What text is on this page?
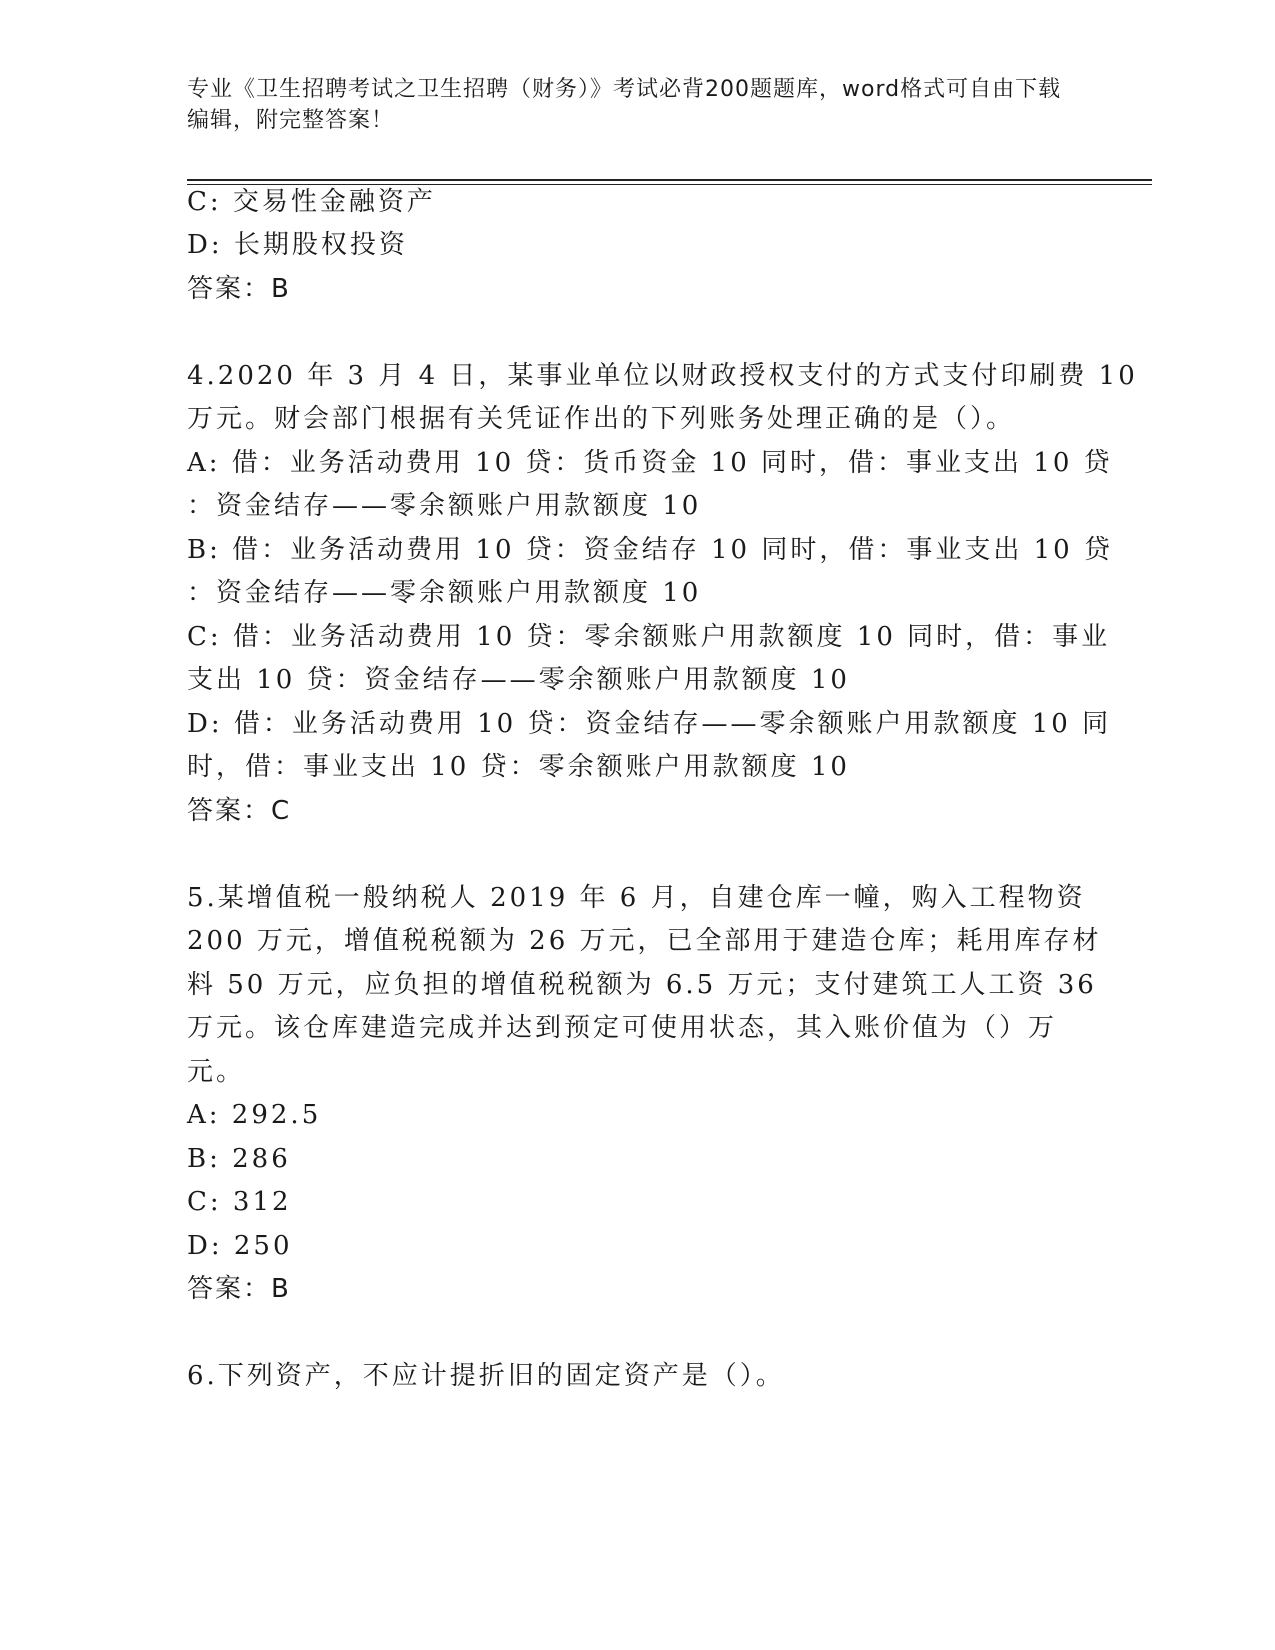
专业《卫生招聘考试之卫生招聘（财务）》考试必背200题题库，word格式可自由下载编辑，附完整答案！
C: 交易性金融资产
D: 长期股权投资
答案：B
4.2020 年 3 月 4 日，某事业单位以财政授权支付的方式支付印刷费 10
万元。财会部门根据有关凭证作出的下列账务处理正确的是（）。
A: 借：业务活动费用 10 贷：货币资金 10 同时，借：事业支出 10 贷
：资金结存——零余额账户用款额度 10
B: 借：业务活动费用 10 贷：资金结存 10 同时，借：事业支出 10 贷
：资金结存——零余额账户用款额度 10
C: 借：业务活动费用 10 贷：零余额账户用款额度 10 同时，借：事业
支出 10 贷：资金结存——零余额账户用款额度 10
D: 借：业务活动费用 10 贷：资金结存——零余额账户用款额度 10 同
时，借：事业支出 10 贷：零余额账户用款额度 10
答案：C
5.某增值税一般纳税人 2019 年 6 月，自建仓库一幢，购入工程物资
200 万元，增值税税额为 26 万元，已全部用于建造仓库；耗用库存材
料 50 万元，应负担的增值税税额为 6.5 万元；支付建筑工人工资 36
万元。该仓库建造完成并达到预定可使用状态，其入账价值为（）万
元。
A: 292.5
B: 286
C: 312
D: 250
答案：B
6.下列资产，不应计提折旧的固定资产是（）。
